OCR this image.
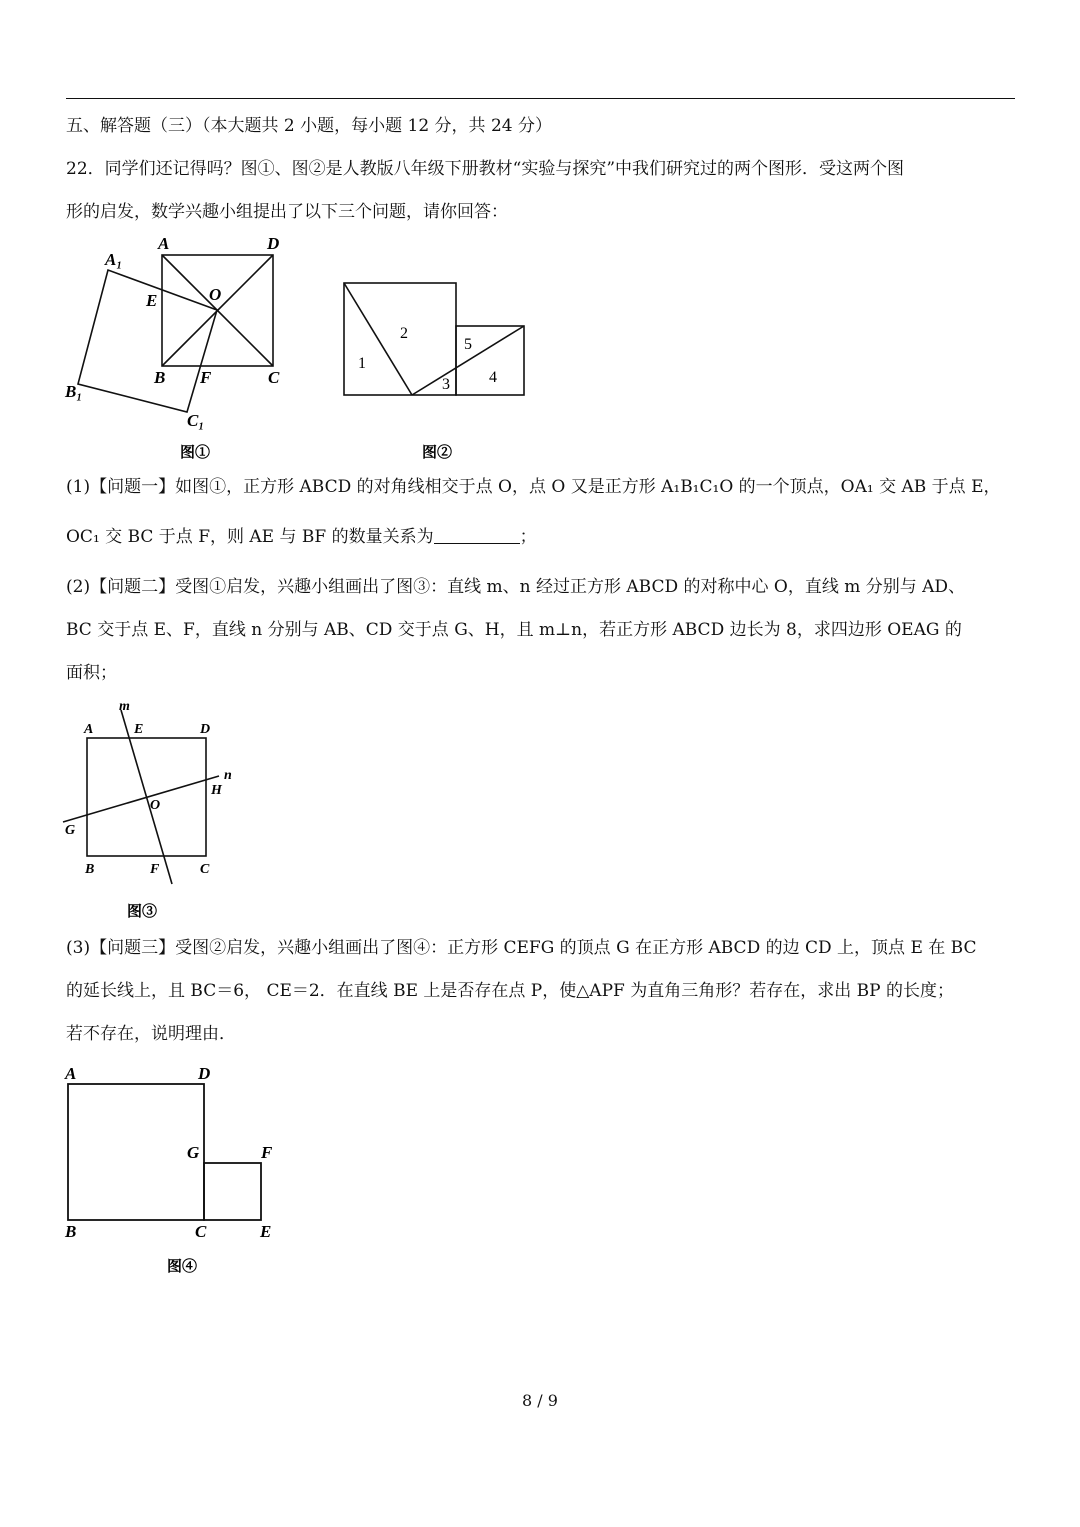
五、解答题（三）（本大题共 2 小题，每小题 12 分，共 24 分）
22．同学们还记得吗？图①、图②是人教版八年级下册教材“实验与探究”中我们研究过的两个图形．受这两个图
形的启发，数学兴趣小组提出了以下三个问题，请你回答：
A	D
A₁
E	O
B F	C
B₁
C₁
图①
1
2
3 4
5
图②
(1)【问题一】如图①，正方形 ABCD 的对角线相交于点 O，点 O 又是正方形 A₁B₁C₁O 的一个顶点，OA₁ 交 AB 于点 E，
OC₁ 交 BC 于点 F，则 AE 与 BF 的数量关系为	；
(2)【问题二】受图①启发，兴趣小组画出了图③：直线 m、n 经过正方形 ABCD 的对称中心 O，直线 m 分别与 AD、
BC 交于点 E、F，直线 n 分别与 AB、CD 交于点 G、H，且 m⊥n，若正方形 ABCD 边长为 8，求四边形 OEAG 的
面积；
m
A	E	D
n
H
O
G
B	F	C
图③
(3)【问题三】受图②启发，兴趣小组画出了图④：正方形 CEFG 的顶点 G 在正方形 ABCD 的边 CD 上，顶点 E 在 BC
的延长线上，且 BC＝6， CE＝2．在直线 BE 上是否存在点 P，使△APF 为直角三角形？若存在，求出 BP 的长度；
若不存在，说明理由．
A	D
G	F
B	C	E
图④
8 / 9
